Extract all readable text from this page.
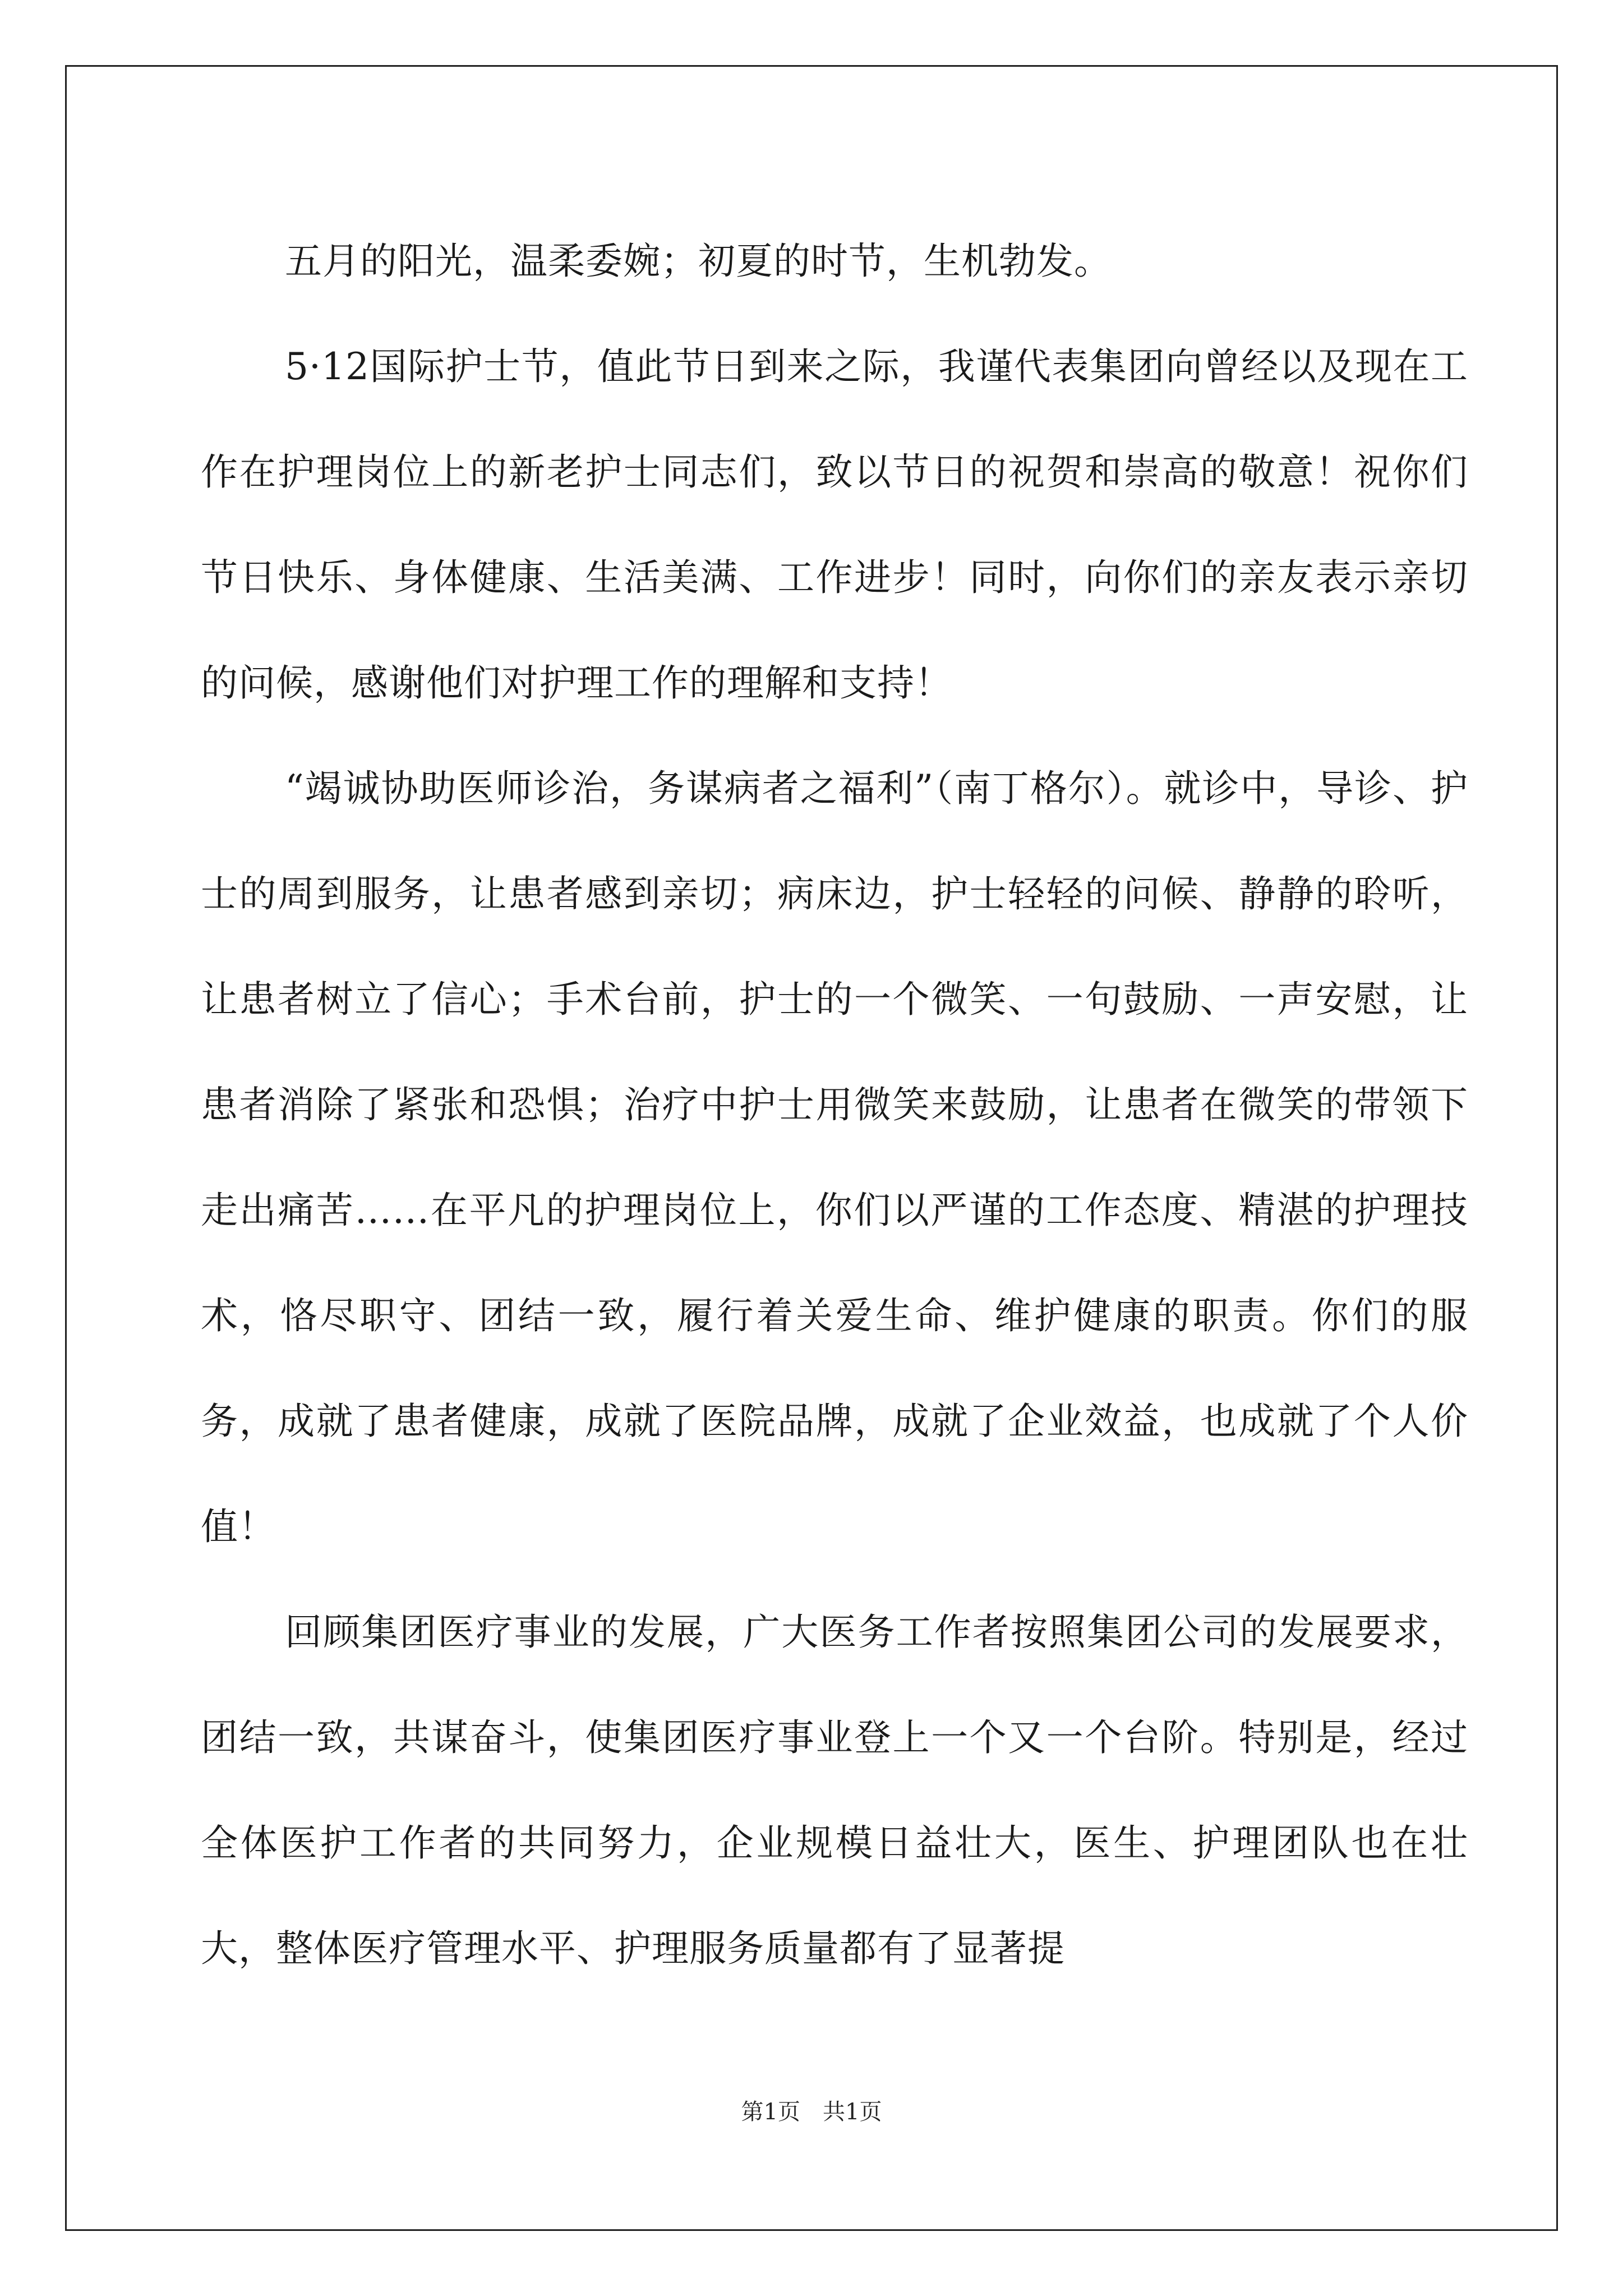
五月的阳光，温柔委婉；初夏的时节，生机勃发。

5·12国际护士节，值此节日到来之际，我谨代表集团向曾经以及现在工作在护理岗位上的新老护士同志们，致以节日的祝贺和崇高的敬意！祝你们节日快乐、身体健康、生活美满、工作进步！同时，向你们的亲友表示亲切的问候，感谢他们对护理工作的理解和支持！

“竭诚协助医师诊治，务谋病者之福利”（南丁格尔）。就诊中，导诊、护士的周到服务，让患者感到亲切；病床边，护士轻轻的问候、静静的聆听，让患者树立了信心；手术台前，护士的一个微笑、一句鼓励、一声安慰，让患者消除了紧张和恐惧；治疗中护士用微笑来鼓励，让患者在微笑的带领下走出痛苦……在平凡的护理岗位上，你们以严谨的工作态度、精湛的护理技术，恪尽职守、团结一致，履行着关爱生命、维护健康的职责。你们的服务，成就了患者健康，成就了医院品牌，成就了企业效益，也成就了个人价值！

回顾集团医疗事业的发展，广大医务工作者按照集团公司的发展要求，团结一致，共谋奋斗，使集团医疗事业登上一个又一个台阶。特别是，经过全体医护工作者的共同努力，企业规模日益壮大，医生、护理团队也在壮大，整体医疗管理水平、护理服务质量都有了显著提

第1页　共1页
